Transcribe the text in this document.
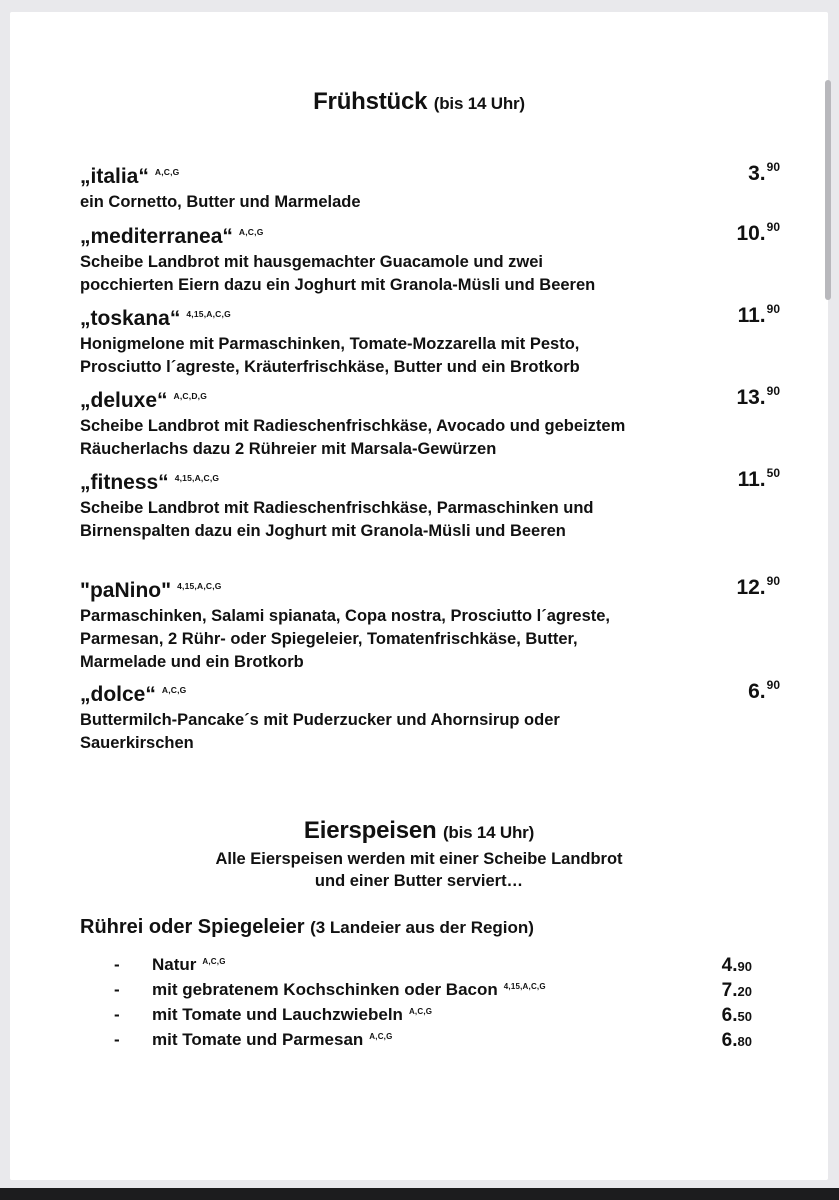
Frühstück (bis 14 Uhr)
„italia“ $^{A,C,G}$	3.90
ein Cornetto, Butter und Marmelade
„mediterranea“ $^{A,C,G}$	10.90
Scheibe Landbrot mit hausgemachter Guacamole und zwei
pocchierten Eiern dazu ein Joghurt mit Granola-Müsli und Beeren
„toskana“ $^{4,15,A,C,G}$	11.90
Honigmelone mit Parmaschinken, Tomate-Mozzarella mit Pesto,
Prosciutto l´agreste, Kräuterfrischkäse, Butter und ein Brotkorb
„deluxe“ $^{A,C,D,G}$	13.90
Scheibe Landbrot mit Radieschenfrischkäse, Avocado und gebeiztem
Räucherlachs dazu 2 Rühreier mit Marsala-Gewürzen
„fitness“ $^{4,15,A,C,G}$	11.50
Scheibe Landbrot mit Radieschenfrischkäse, Parmaschinken und
Birnenspalten dazu ein Joghurt mit Granola-Müsli und Beeren
"paNino" $^{4,15,A,C,G}$	12.90
Parmaschinken, Salami spianata, Copa nostra, Prosciutto l´agreste,
Parmesan, 2 Rühr- oder Spiegeleier, Tomatenfrischkäse, Butter,
Marmelade und ein Brotkorb
„dolce“ $^{A,C,G}$	6.90
Buttermilch-Pancake´s mit Puderzucker und Ahornsirup oder
Sauerkirschen
Eierspeisen (bis 14 Uhr)
Alle Eierspeisen werden mit einer Scheibe Landbrot
und einer Butter serviert…
Rührei oder Spiegeleier (3 Landeier aus der Region)
- Natur $^{A,C,G}$	4.90
- mit gebratenem Kochschinken oder Bacon $^{4,15,A,C,G}$	7.20
- mit Tomate und Lauchzwiebeln $^{A,C,G}$	6.50
- mit Tomate und Parmesan $^{A,C,G}$	6.80
